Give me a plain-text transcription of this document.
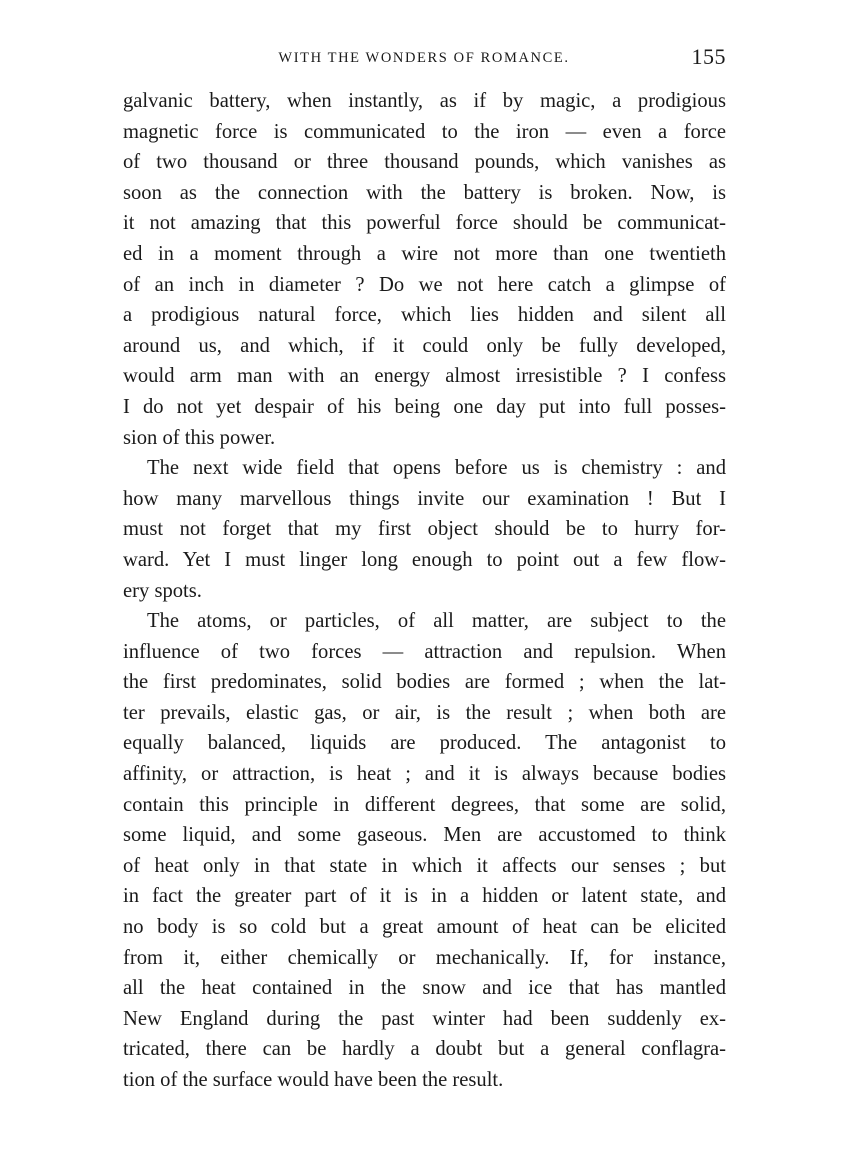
WITH THE WONDERS OF ROMANCE.	155

galvanic battery, when instantly, as if by magic, a prodigious
magnetic force is communicated to the iron — even a force
of two thousand or three thousand pounds, which vanishes as
soon as the connection with the battery is broken. Now, is
it not amazing that this powerful force should be communicat-
ed in a moment through a wire not more than one twentieth
of an inch in diameter ? Do we not here catch a glimpse of
a prodigious natural force, which lies hidden and silent all
around us, and which, if it could only be fully developed,
would arm man with an energy almost irresistible ? I confess
I do not yet despair of his being one day put into full posses-
sion of this power.

The next wide field that opens before us is chemistry : and
how many marvellous things invite our examination ! But I
must not forget that my first object should be to hurry for-
ward. Yet I must linger long enough to point out a few flow-
ery spots.

The atoms, or particles, of all matter, are subject to the
influence of two forces — attraction and repulsion. When
the first predominates, solid bodies are formed ; when the lat-
ter prevails, elastic gas, or air, is the result ; when both are
equally balanced, liquids are produced. The antagonist to
affinity, or attraction, is heat ; and it is always because bodies
contain this principle in different degrees, that some are solid,
some liquid, and some gaseous. Men are accustomed to think
of heat only in that state in which it affects our senses ; but
in fact the greater part of it is in a hidden or latent state, and
no body is so cold but a great amount of heat can be elicited
from it, either chemically or mechanically. If, for instance,
all the heat contained in the snow and ice that has mantled
New England during the past winter had been suddenly ex-
tricated, there can be hardly a doubt but a general conflagra-
tion of the surface would have been the result.
